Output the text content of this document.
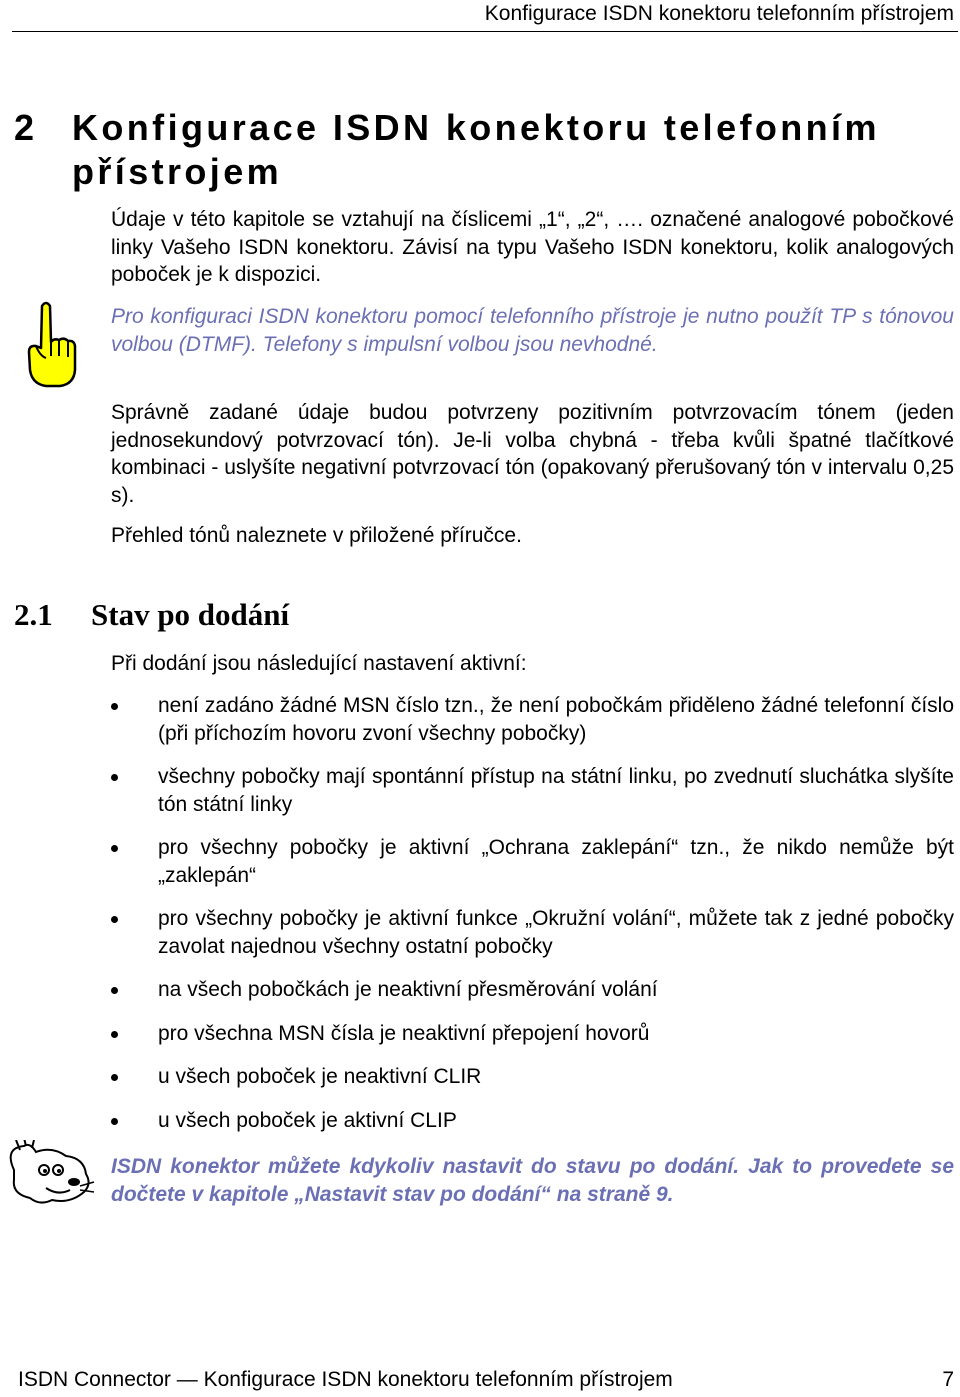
Konfigurace ISDN konektoru telefonním přístrojem
2	Konfigurace ISDN konektoru telefonním přístrojem
Údaje v této kapitole se vztahují na číslicemi „1“, „2“, …. označené analogové pobočkové linky Vašeho ISDN konektoru. Závisí na typu Vašeho ISDN konektoru, kolik analogových poboček je k dispozici.
Pro konfiguraci ISDN konektoru pomocí telefonního přístroje je nutno použít TP s tónovou volbou (DTMF). Telefony s impulsní volbou jsou nevhodné.
Správně zadané údaje budou potvrzeny pozitivním potvrzovacím tónem (jeden jednosekundový potvrzovací tón). Je-li volba chybná - třeba kvůli špatné tlačítkové kombinaci - uslyšíte negativní potvrzovací tón (opakovaný přerušovaný tón v intervalu 0,25 s).
Přehled tónů naleznete v přiložené příručce.
2.1	Stav po dodání
Při dodání jsou následující nastavení aktivní:
není zadáno žádné MSN číslo tzn., že není pobočkám přiděleno žádné telefonní číslo (při příchozím hovoru zvoní všechny pobočky)
všechny pobočky mají spontánní přístup na státní linku, po zvednutí sluchátka slyšíte tón státní linky
pro všechny pobočky je aktivní „Ochrana zaklepání“ tzn., že nikdo nemůže být „zaklepán“
pro všechny pobočky je aktivní funkce „Okružní volání“, můžete tak z jedné pobočky zavolat najednou všechny ostatní pobočky
na všech pobočkách je neaktivní přesměrování volání
pro všechna MSN čísla je neaktivní přepojení hovorů
u všech poboček je neaktivní CLIR
u všech poboček je aktivní CLIP
ISDN konektor můžete kdykoliv nastavit do stavu po dodání. Jak to provedete se dočtete v kapitole „Nastavit stav po dodání“ na straně 9.
ISDN Connector — Konfigurace ISDN konektoru telefonním přístrojem	7
